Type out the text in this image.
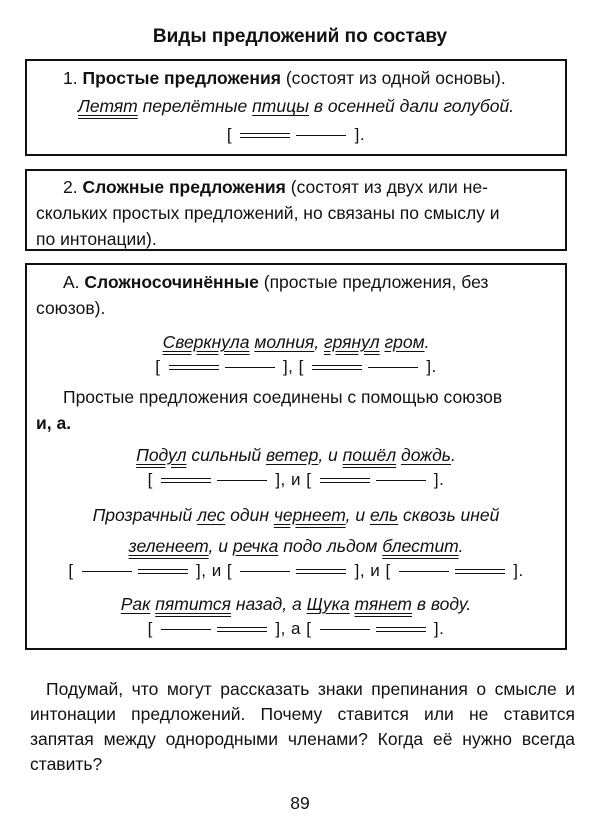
Виды предложений по составу

1. Простые предложения (состоят из одной основы).

Летят перелётные птицы в осенней дали голубой.

[	].

2. Сложные предложения (состоят из двух или не-

скольких простых предложений, но связаны по смыслу и

по интонации).

А. Сложносочинённые (простые предложения, без

союзов).

Сверкнула молния, грянул гром.

[	], [	].

Простые предложения соединены с помощью союзов

и, а.

Подул сильный ветер, и пошёл дождь.

[	], и [	].

Прозрачный лес один чернеет, и ель сквозь иней

зеленеет, и речка подо льдом блестит.

[	], и [	], и [	].

Рак пятится назад, а Щука тянет в воду.

[	], а [	].

Подумай, что могут рассказать знаки препинания о смысле и интонации предложений. Почему ставится или не ставится запятая между однородными членами? Когда её нужно всегда ставить?
89
